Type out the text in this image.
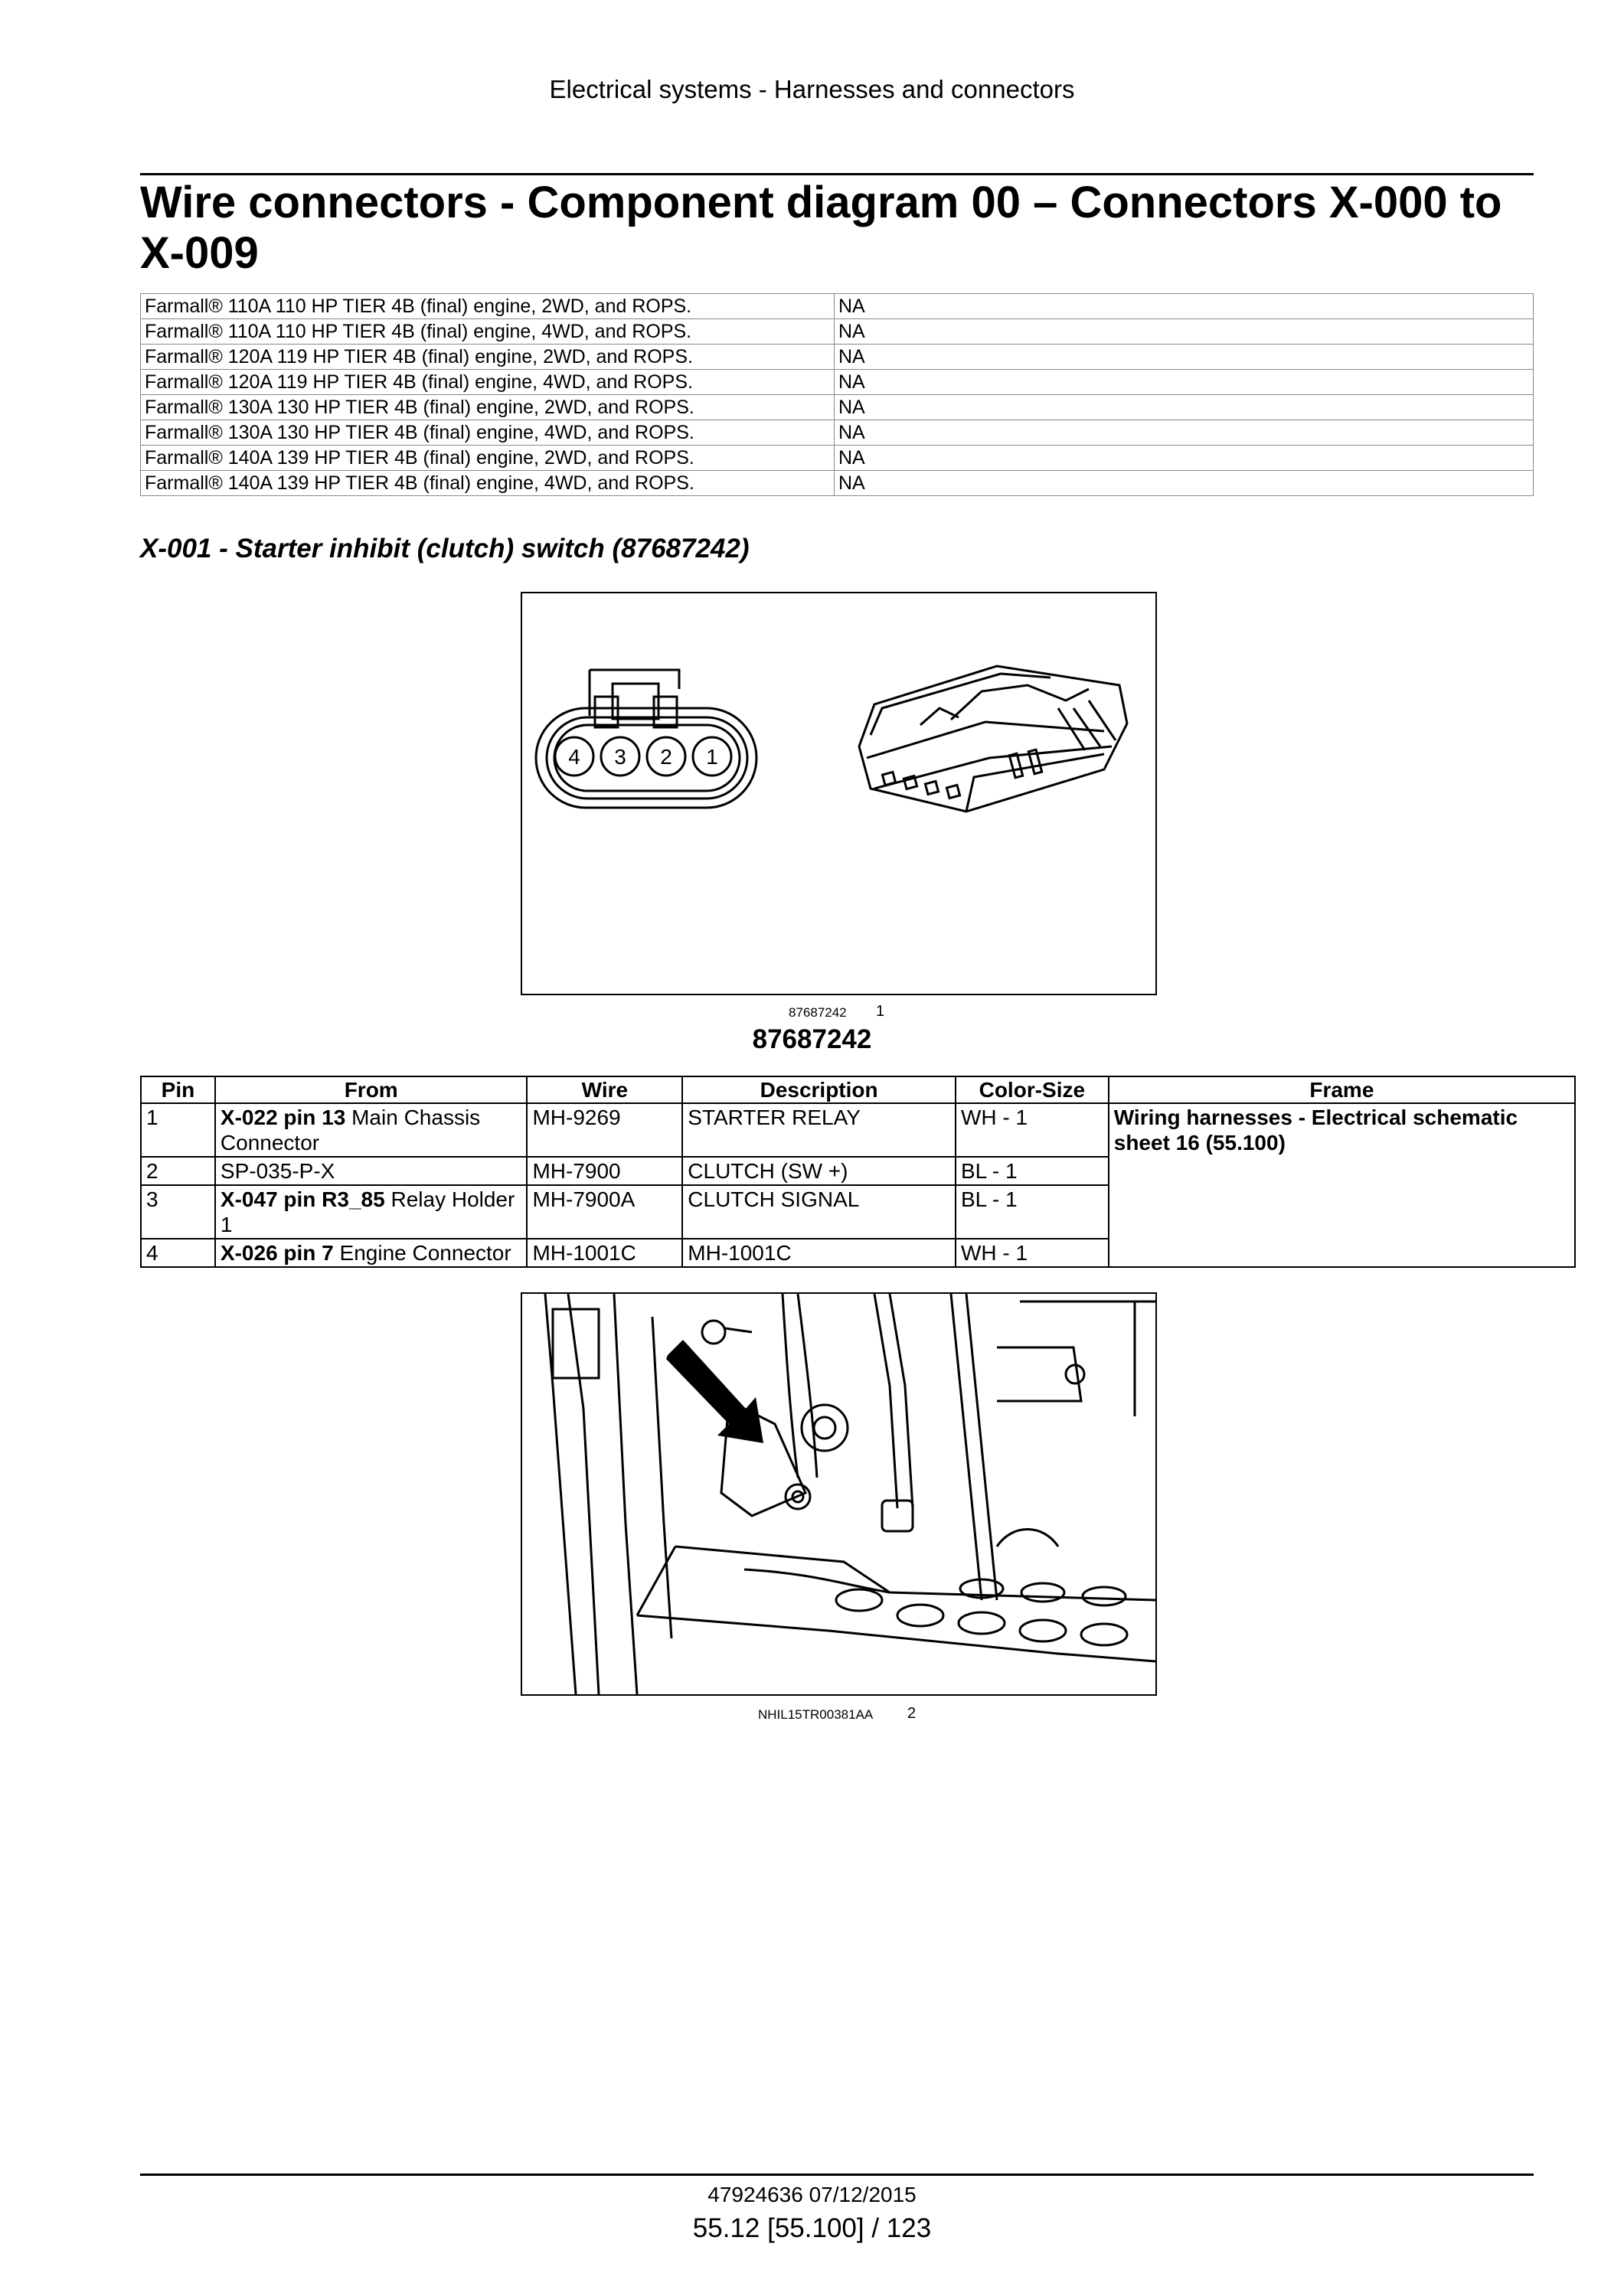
Electrical systems - Harnesses and connectors
Wire connectors - Component diagram 00 – Connectors X-000 to X-009
Farmall® 110A 110 HP TIER 4B (final) engine, 2WD, and ROPS.	NA
Farmall® 110A 110 HP TIER 4B (final) engine, 4WD, and ROPS.	NA
Farmall® 120A 119 HP TIER 4B (final) engine, 2WD, and ROPS.	NA
Farmall® 120A 119 HP TIER 4B (final) engine, 4WD, and ROPS.	NA
Farmall® 130A 130 HP TIER 4B (final) engine, 2WD, and ROPS.	NA
Farmall® 130A 130 HP TIER 4B (final) engine, 4WD, and ROPS.	NA
Farmall® 140A 139 HP TIER 4B (final) engine, 2WD, and ROPS.	NA
Farmall® 140A 139 HP TIER 4B (final) engine, 4WD, and ROPS.	NA
X-001 - Starter inhibit (clutch) switch (87687242)
4 3 2 1
87687242 1
87687242
Pin	From	Wire	Description	Color-Size	Frame
1	X-022 pin 13 Main Chassis Connector	MH-9269	STARTER RELAY	WH - 1	Wiring harnesses - Electrical schematic sheet 16 (55.100)
2	SP-035-P-X	MH-7900	CLUTCH (SW +)	BL - 1	
3	X-047 pin R3_85 Relay Holder 1	MH-7900A	CLUTCH SIGNAL	BL - 1	
4	X-026 pin 7 Engine Connector	MH-1001C	MH-1001C	WH - 1	
NHIL15TR00381AA 2
47924636 07/12/2015
55.12 [55.100] / 123
